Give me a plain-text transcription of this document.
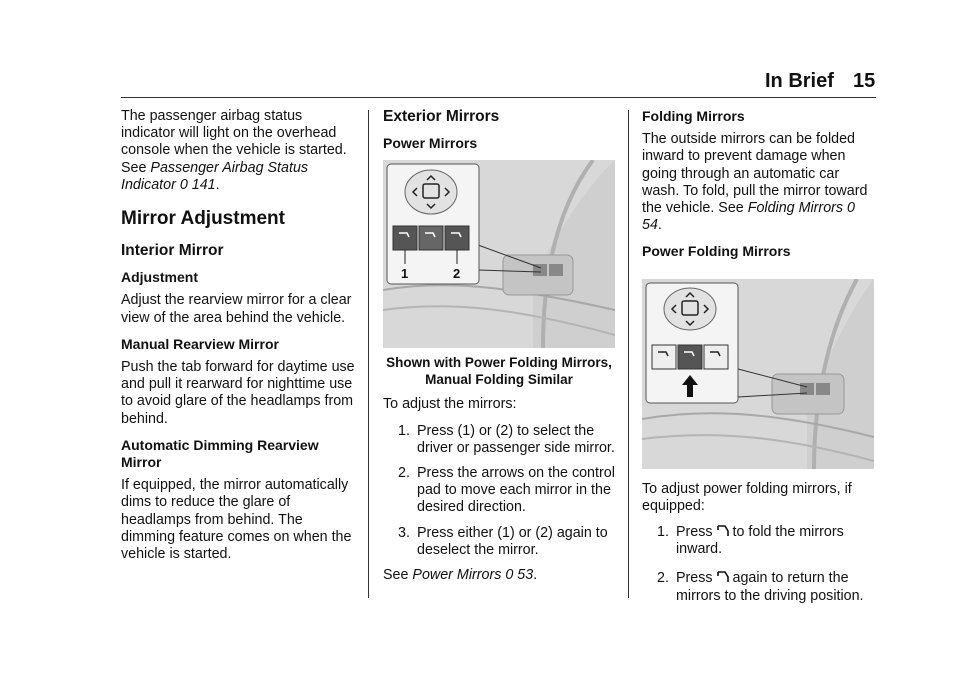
In Brief 15

The passenger airbag status indicator will light on the overhead console when the vehicle is started. See Passenger Airbag Status Indicator 0 141.

Mirror Adjustment
Interior Mirror
Adjustment

Adjust the rearview mirror for a clear view of the area behind the vehicle.

Manual Rearview Mirror

Push the tab forward for daytime use and pull it rearward for nighttime use to avoid glare of the headlamps from behind.

Automatic Dimming Rearview Mirror

If equipped, the mirror automatically dims to reduce the glare of headlamps from behind. The dimming feature comes on when the vehicle is started.

Exterior Mirrors
Power Mirrors
1	2
Shown with Power Folding Mirrors, Manual Folding Similar

To adjust the mirrors:

1. Press (1) or (2) to select the driver or passenger side mirror.
2. Press the arrows on the control pad to move each mirror in the desired direction.
3. Press either (1) or (2) again to deselect the mirror.

See Power Mirrors 0 53.

Folding Mirrors

The outside mirrors can be folded inward to prevent damage when going through an automatic car wash. To fold, pull the mirror toward the vehicle. See Folding Mirrors 0 54.

Power Folding Mirrors

To adjust power folding mirrors, if equipped:

1. Press  to fold the mirrors inward.
2. Press  again to return the mirrors to the driving position.
